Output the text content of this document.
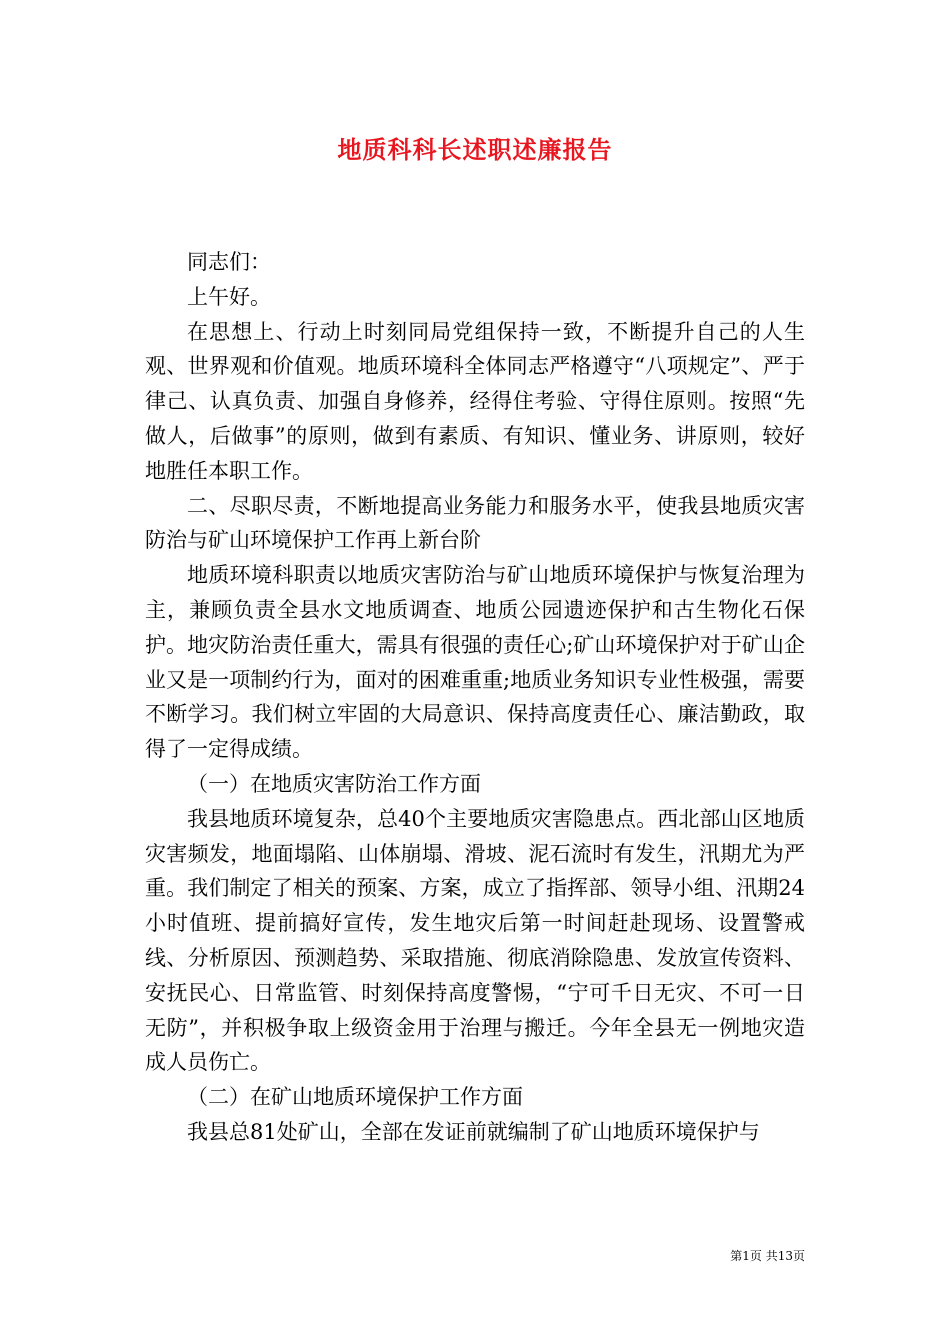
地质科科长述职述廉报告

同志们：

上午好。

在思想上、行动上时刻同局党组保持一致，不断提升自己的人生观、世界观和价值观。地质环境科全体同志严格遵守“八项规定”、严于律己、认真负责、加强自身修养，经得住考验、守得住原则。按照“先做人，后做事”的原则，做到有素质、有知识、懂业务、讲原则，较好地胜任本职工作。

二、尽职尽责，不断地提高业务能力和服务水平，使我县地质灾害防治与矿山环境保护工作再上新台阶

地质环境科职责以地质灾害防治与矿山地质环境保护与恢复治理为主，兼顾负责全县水文地质调查、地质公园遗迹保护和古生物化石保护。地灾防治责任重大，需具有很强的责任心;矿山环境保护对于矿山企业又是一项制约行为，面对的困难重重;地质业务知识专业性极强，需要不断学习。我们树立牢固的大局意识、保持高度责任心、廉洁勤政，取得了一定得成绩。

（一）在地质灾害防治工作方面

我县地质环境复杂，总40个主要地质灾害隐患点。西北部山区地质灾害频发，地面塌陷、山体崩塌、滑坡、泥石流时有发生，汛期尤为严重。我们制定了相关的预案、方案，成立了指挥部、领导小组、汛期24小时值班、提前搞好宣传，发生地灾后第一时间赶赴现场、设置警戒线、分析原因、预测趋势、采取措施、彻底消除隐患、发放宣传资料、安抚民心、日常监管、时刻保持高度警惕，“宁可千日无灾、不可一日无防”，并积极争取上级资金用于治理与搬迁。今年全县无一例地灾造成人员伤亡。

（二）在矿山地质环境保护工作方面

我县总81处矿山，全部在发证前就编制了矿山地质环境保护与

第1页 共13页
